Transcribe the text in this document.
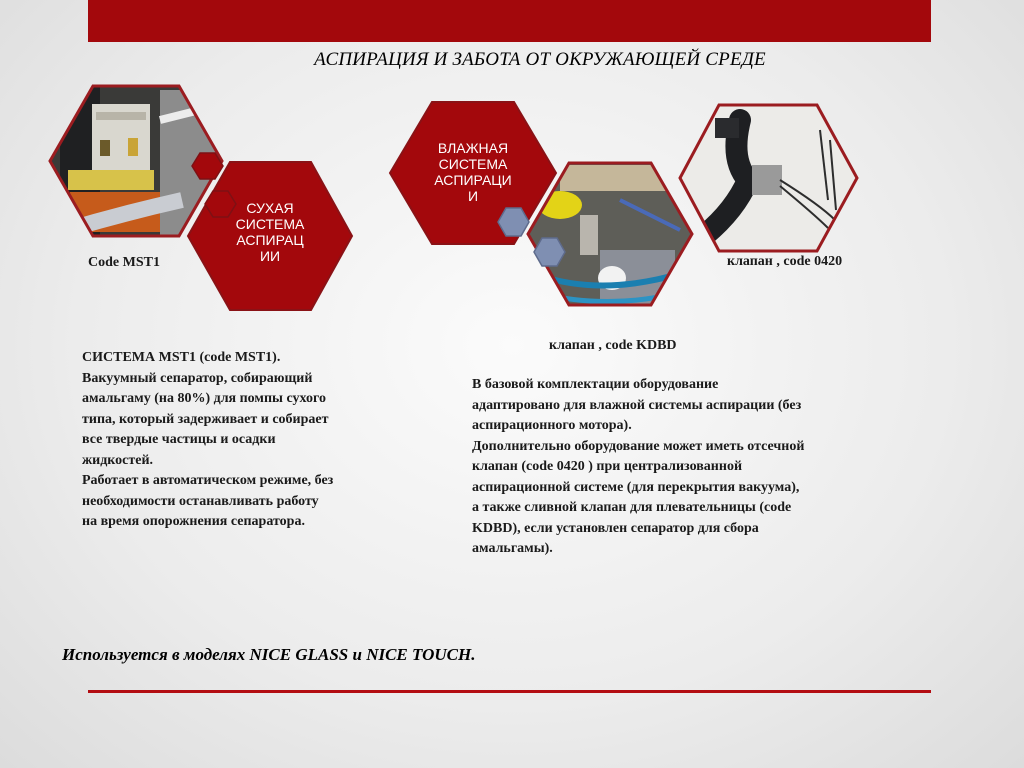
АСПИРАЦИЯ И ЗАБОТА ОТ ОКРУЖАЮЩЕЙ СРЕДЕ
СУХАЯ
СИСТЕМА
АСПИРАЦ
ИИ
ВЛАЖНАЯ
СИСТЕМА
АСПИРАЦИ
И
Code MST1	клапан , code 0420
клапан , code KDBD

СИСТЕМА MST1 (code MST1).

Вакуумный сепаратор, собирающий

амальгаму (на 80%) для помпы сухого

типа, который задерживает и собирает

все твердые частицы и осадки

жидкостей.

Работает в автоматическом режиме, без

необходимости останавливать работу

на время опорожнения сепаратора.

В базовой комплектации оборудование

адаптировано для влажной системы аспирации (без

аспирационного мотора).

Дополнительно оборудование может иметь отсечной

клапан (code 0420 ) при централизованной

аспирационной системе (для перекрытия вакуума),

а также сливной клапан для плевательницы (code

KDBD), если установлен сепаратор для сбора

амальгамы).

Используется в моделях NICE GLASS и NICE TOUCH.
